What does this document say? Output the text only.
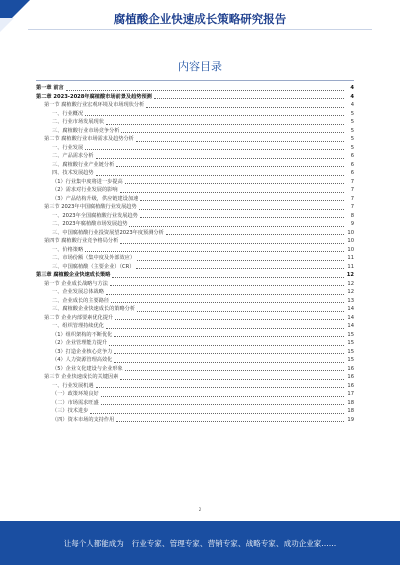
腐植酸企业快速成长策略研究报告
内容目录
第一章 前言	4
第二章 2023-2028年腐植酸市场前景及趋势预测	4
第一节 腐植酸行业宏观环境及市场现状分析	4
一、行业概况	5
二、行业市场发展现状	5
三、腐植酸行业市场竞争分析	5
第二节 腐植酸行业市场需求及趋势分析	5
一、行业发展	5
二、产品需求分析	6
三、腐植酸行业产业链分析	6
四、技术发展趋势	6
（1）行业集中度将进一步提高	7
（2）需求对行业发展的影响	7
（3）产品结构升级，供应链建设加速	7
第三节 2023年中国腐植酸行业发展趋势	7
一、2023年全国腐植酸行业发展趋势	8
二、2023年腐植酸市场发展趋势	9
三、中国腐植酸行业投资展望2023年度预测分析	10
第四节 腐植酸行业竞争格局分析	10
一、价格策略	10
二、市场份额（集中度及外部效应）	11
三、中国腐植酸（主要企业）（CR）	11
第三章 腐植酸企业快速成长策略	12
第一节 企业成长战略与方法	12
一、企业发展总体战略	12
二、企业成长的主要路径	13
三、腐植酸企业快速成长的策略分析	14
第二节 企业内部要素优化提升	14
一、组织管理持续优化	14
（1）组织架构的不断优化	15
（2）企业管理能力提升	15
（3）打造企业核心竞争力	15
（4）人力资源管理高效化	15
（5）企业文化建设与企业形象	16
第三节 企业快速成长的关键因素	16
一、行业发展机遇	16
（一）政策环境良好	17
（二）市场需求旺盛	18
（三）技术进步	18
（四）资本市场的支持作用	19
2
让每个人都能成为 行业专家、管理专家、营销专家、战略专家、成功企业家……
